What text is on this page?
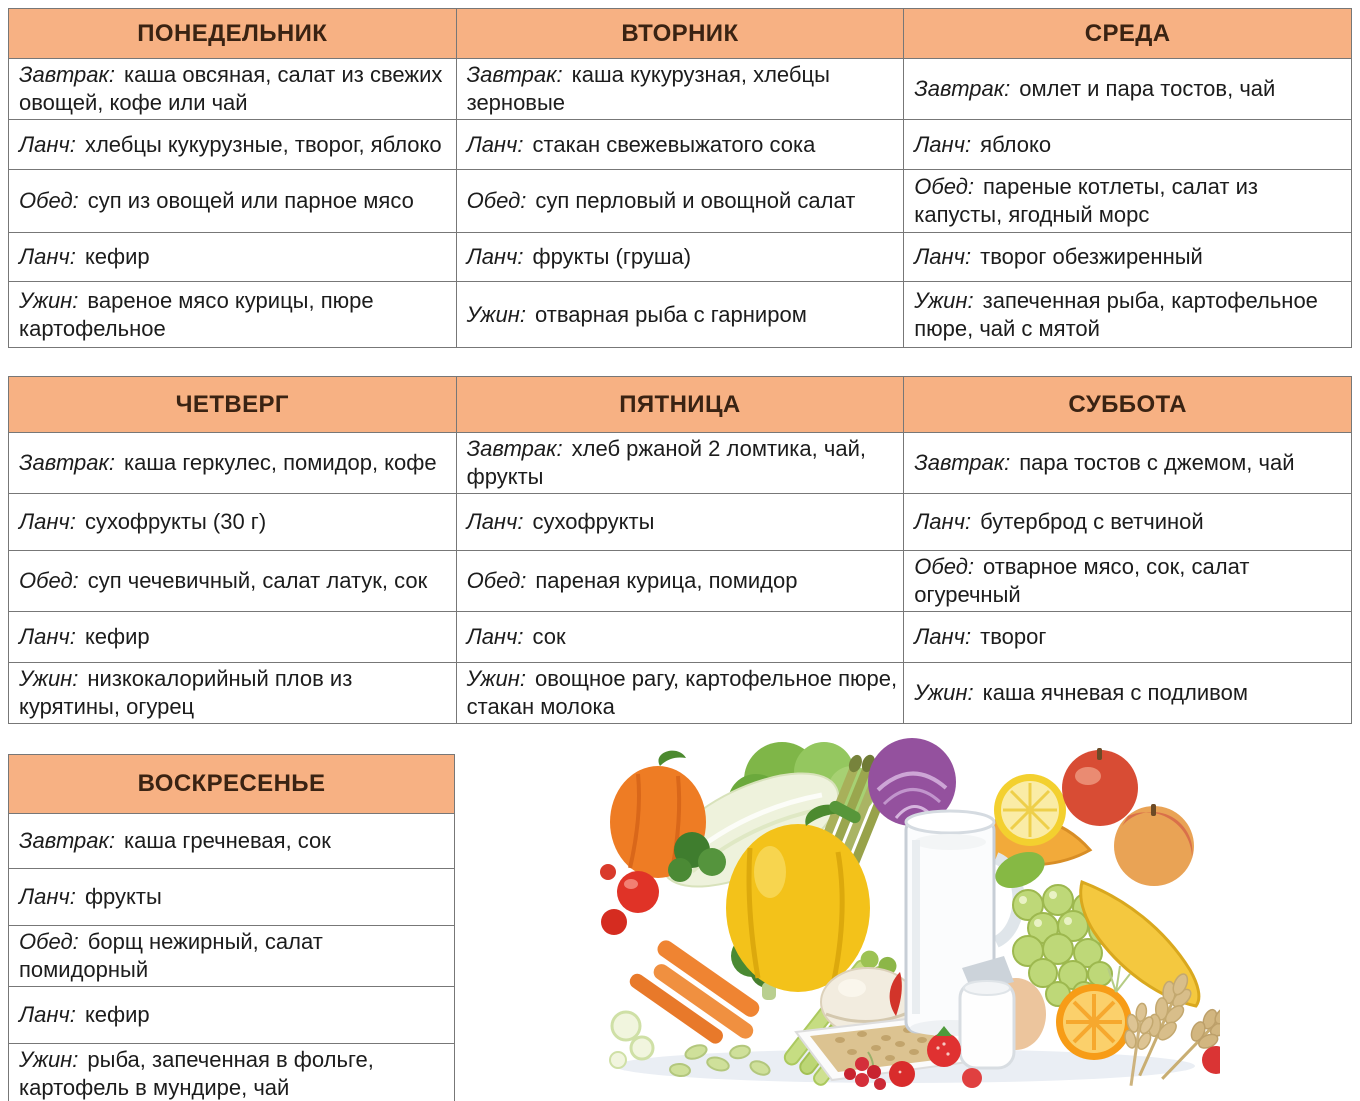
ПОНЕДЕЛЬНИК	ВТОРНИК	СРЕДА
Завтрак: каша овсяная, салат из свежих овощей, кофе или чай	Завтрак: каша кукурузная, хлебцы зерновые	Завтрак: омлет и пара тостов, чай
Ланч: хлебцы кукурузные, творог, яблоко	Ланч: стакан свежевыжатого сока	Ланч: яблоко
Обед: суп из овощей или парное мясо	Обед: суп перловый и овощной салат	Обед: пареные котлеты, салат из капусты, ягодный морс
Ланч: кефир	Ланч: фрукты (груша)	Ланч: творог обезжиренный
Ужин: вареное мясо курицы, пюре картофельное	Ужин: отварная рыба с гарниром	Ужин: запеченная рыба, картофельное пюре, чай с мятой
ЧЕТВЕРГ	ПЯТНИЦА	СУББОТА
Завтрак: каша геркулес, помидор, кофе	Завтрак: хлеб ржаной 2 ломтика, чай, фрукты	Завтрак: пара тостов с джемом, чай
Ланч: сухофрукты (30 г)	Ланч: сухофрукты	Ланч: бутерброд с ветчиной
Обед: суп чечевичный, салат латук, сок	Обед: пареная курица, помидор	Обед: отварное мясо, сок, салат огуречный
Ланч: кефир	Ланч: сок	Ланч: творог
Ужин: низкокалорийный плов из курятины, огурец	Ужин: овощное рагу, картофельное пюре, стакан молока	Ужин: каша ячневая с подливом
ВОСКРЕСЕНЬЕ
Завтрак: каша гречневая, сок
Ланч: фрукты
Обед: борщ нежирный, салат помидорный
Ланч: кефир
Ужин: рыба, запеченная в фольге, картофель в мундире, чай
